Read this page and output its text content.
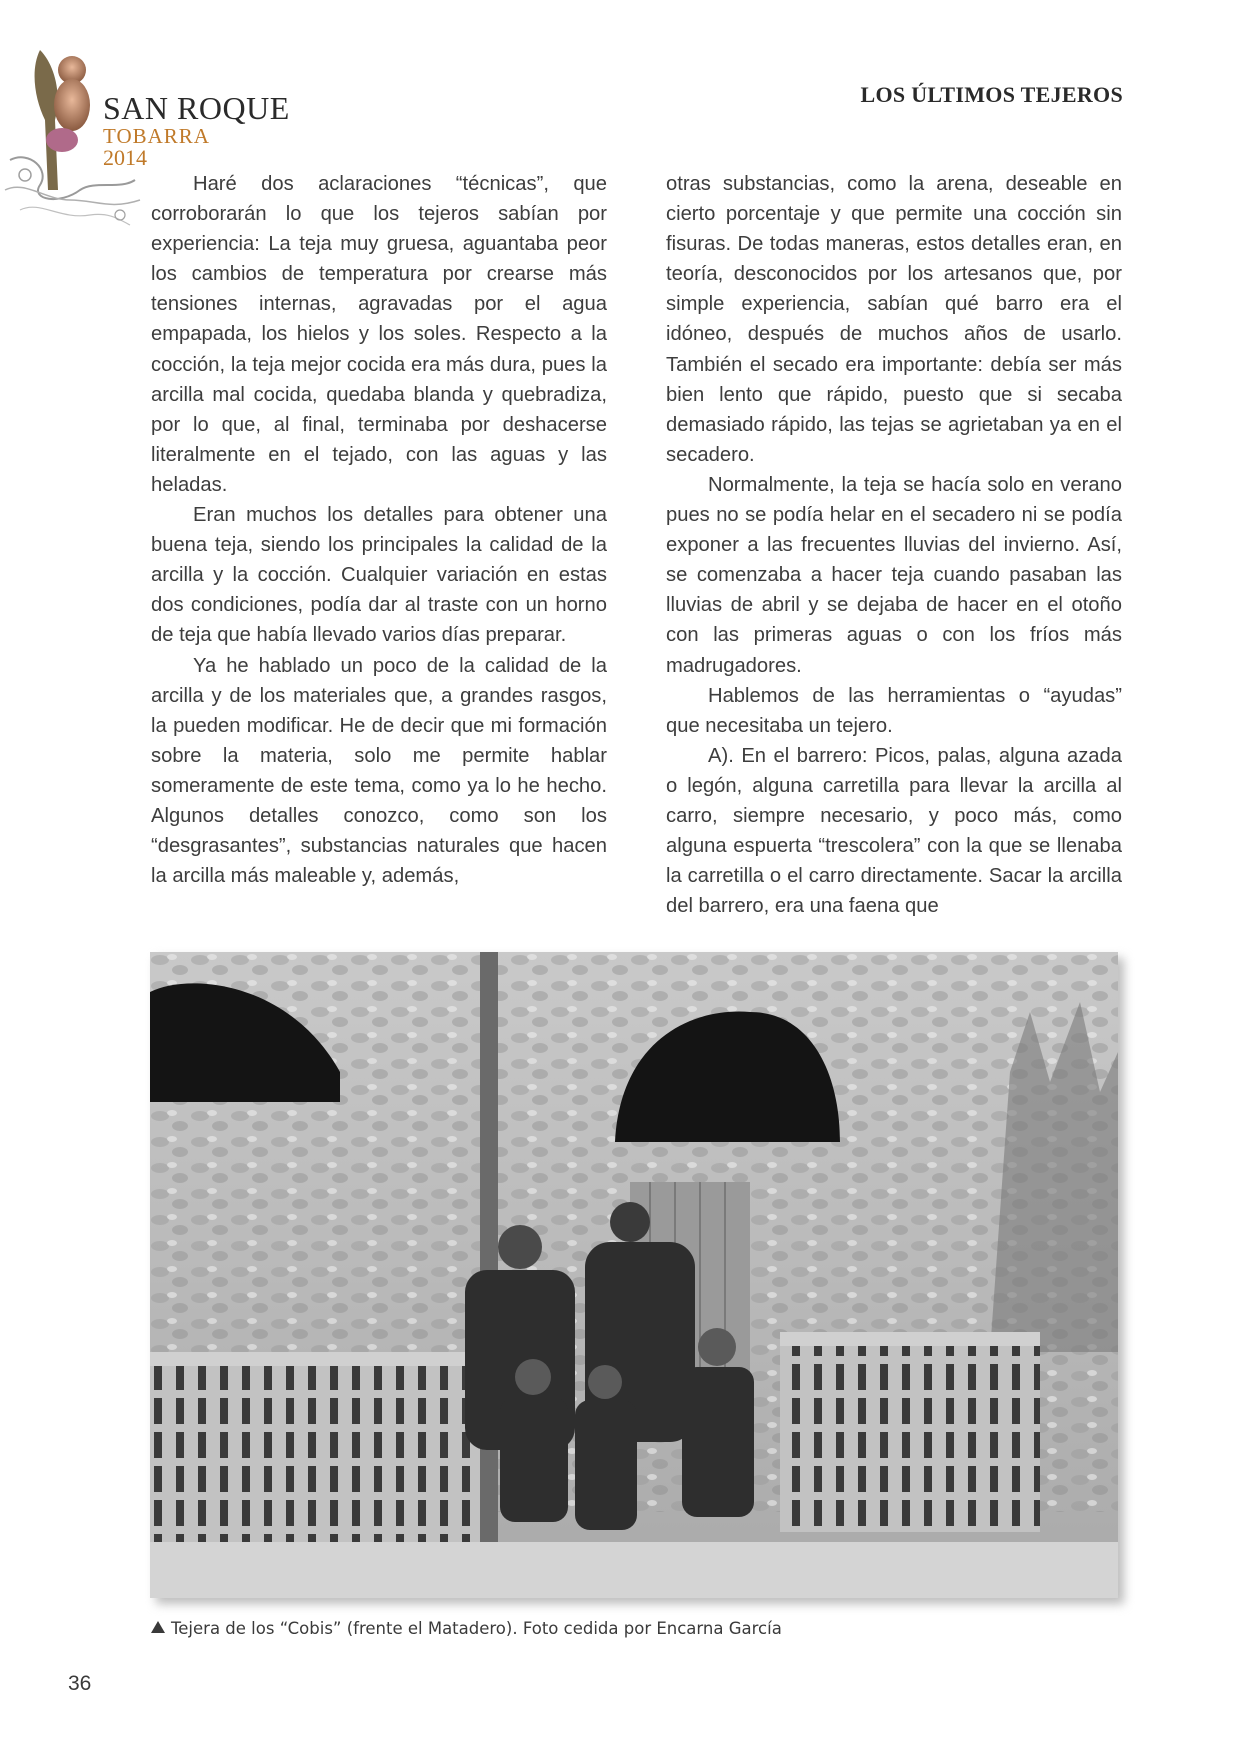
SAN ROQUE
TOBARRA
2014
LOS ÚLTIMOS TEJEROS

Haré dos aclaraciones “técnicas”, que corroborarán lo que los tejeros sabían por experiencia: La teja muy gruesa, aguantaba peor los cambios de temperatura por crearse más tensiones internas, agravadas por el agua empapada, los hielos y los soles. Respecto a la cocción, la teja mejor cocida era más dura, pues la arcilla mal cocida, quedaba blanda y quebradiza, por lo que, al final, terminaba por deshacerse literalmente en el tejado, con las aguas y las heladas.

Eran muchos los detalles para obtener una buena teja, siendo los principales la calidad de la arcilla y la cocción. Cualquier variación en estas dos condiciones, podía dar al traste con un horno de teja que había llevado varios días preparar.

Ya he hablado un poco de la calidad de la arcilla y de los materiales que, a grandes rasgos, la pueden modificar. He de decir que mi formación sobre la materia, solo me permite hablar someramente de este tema, como ya lo he hecho. Algunos detalles conozco, como son los “desgrasantes”, substancias naturales que hacen la arcilla más maleable y, además,

otras substancias, como la arena, deseable en cierto porcentaje y que permite una cocción sin fisuras. De todas maneras, estos detalles eran, en teoría, desconocidos por los artesanos que, por simple experiencia, sabían qué barro era el idóneo, después de muchos años de usarlo. También el secado era importante: debía ser más bien lento que rápido, puesto que si secaba demasiado rápido, las tejas se agrietaban ya en el secadero.

Normalmente, la teja se hacía solo en verano pues no se podía helar en el secadero ni se podía exponer a las frecuentes lluvias del invierno. Así, se comenzaba a hacer teja cuando pasaban las lluvias de abril y se dejaba de hacer en el otoño con las primeras aguas o con los fríos más madrugadores.

Hablemos de las herramientas o “ayudas” que necesitaba un tejero.

A). En el barrero: Picos, palas, alguna azada o legón, alguna carretilla para llevar la arcilla al carro, siempre necesario, y poco más, como alguna espuerta “trescolera” con la que se llenaba la carretilla o el carro directamente. Sacar la arcilla del barrero, era una faena que

Tejera de los “Cobis” (frente el Matadero). Foto cedida por Encarna García
36
